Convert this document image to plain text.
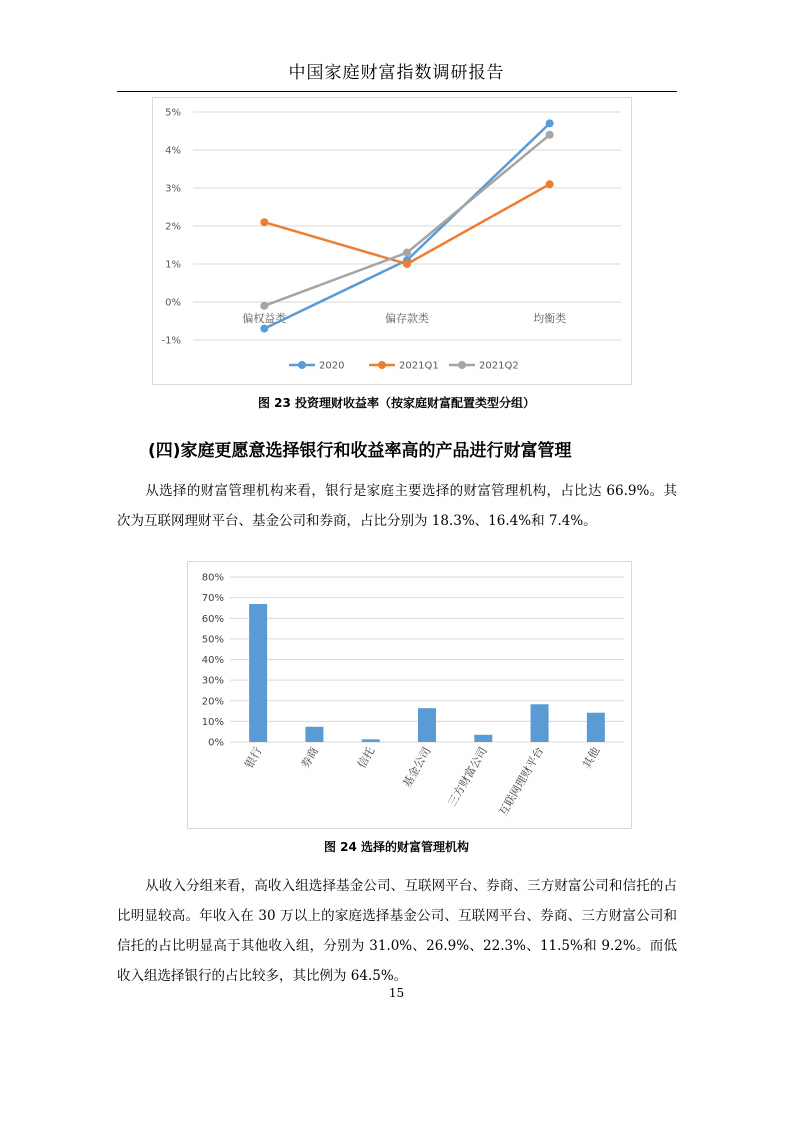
中国家庭财富指数调研报告
5%
4%
3%
2%
1%
0%
-1%
偏权益类	偏存款类	均衡类
2020	2021Q1	2021Q2
图 23 投资理财收益率（按家庭财富配置类型分组）
(四)家庭更愿意选择银行和收益率高的产品进行财富管理
从选择的财富管理机构来看，银行是家庭主要选择的财富管理机构，占比达 66.9%。其次为互联网理财平台、基金公司和券商，占比分别为 18.3%、16.4%和 7.4%。
80%
70%
60%
50%
40%
30%
20%
10%
0%
银行	券商	信托 基金公司 三方财富公司 互联网理财平台	其他
图 24 选择的财富管理机构
从收入分组来看，高收入组选择基金公司、互联网平台、券商、三方财富公司和信托的占比明显较高。年收入在 30 万以上的家庭选择基金公司、互联网平台、券商、三方财富公司和信托的占比明显高于其他收入组，分别为 31.0%、26.9%、22.3%、11.5%和 9.2%。而低收入组选择银行的占比较多，其比例为 64.5%。
15
